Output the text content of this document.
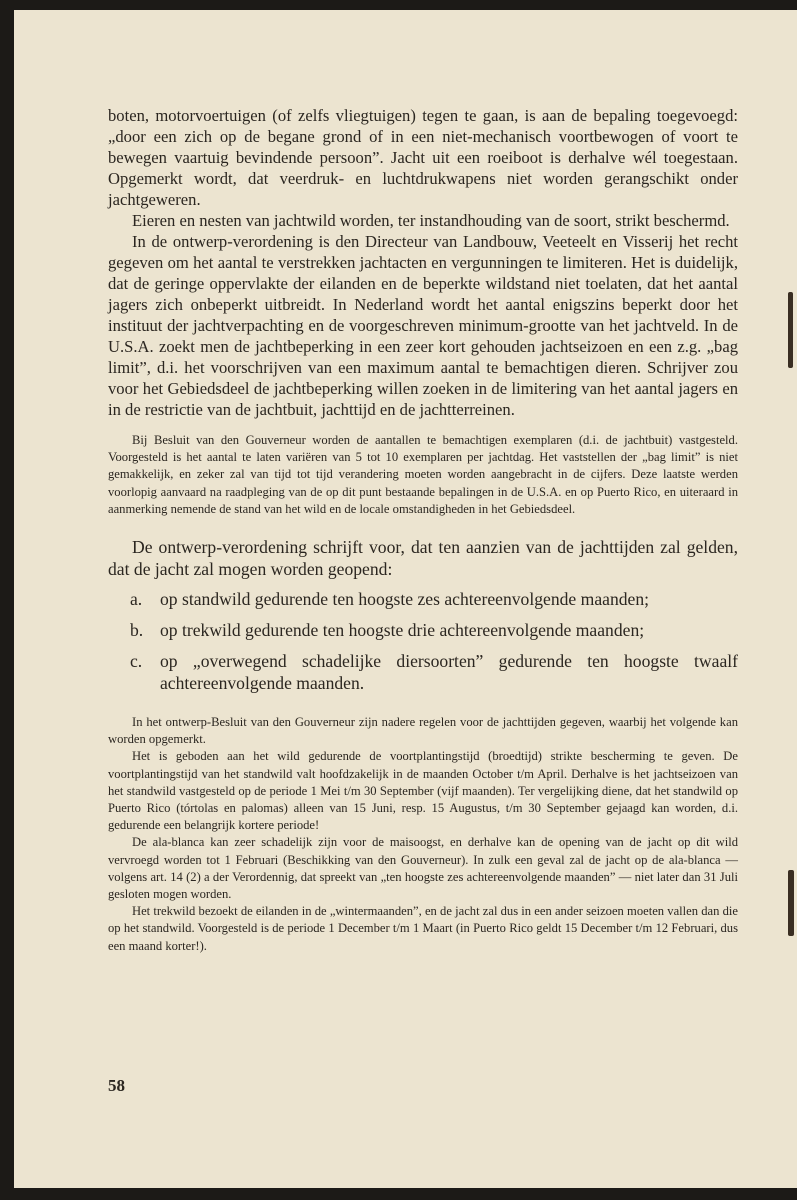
boten, motorvoertuigen (of zelfs vliegtuigen) tegen te gaan, is aan de bepaling toegevoegd: „door een zich op de begane grond of in een niet-mechanisch voortbewogen of voort te bewegen vaartuig bevindende persoon”. Jacht uit een roeiboot is derhalve wél toegestaan. Opgemerkt wordt, dat veerdruk- en luchtdrukwapens niet worden gerangschikt onder jachtgeweren.

Eieren en nesten van jachtwild worden, ter instandhouding van de soort, strikt beschermd.

In de ontwerp-verordening is den Directeur van Landbouw, Veeteelt en Visserij het recht gegeven om het aantal te verstrekken jachtacten en vergunningen te limiteren. Het is duidelijk, dat de geringe oppervlakte der eilanden en de beperkte wildstand niet toelaten, dat het aantal jagers zich onbeperkt uitbreidt. In Nederland wordt het aantal enigszins beperkt door het instituut der jachtverpachting en de voorgeschreven minimum-grootte van het jachtveld. In de U.S.A. zoekt men de jachtbeperking in een zeer kort gehouden jachtseizoen en een z.g. „bag limit”, d.i. het voorschrijven van een maximum aantal te bemachtigen dieren. Schrijver zou voor het Gebiedsdeel de jachtbeperking willen zoeken in de limitering van het aantal jagers en in de restrictie van de jachtbuit, jachttijd en de jachtterreinen.

Bij Besluit van den Gouverneur worden de aantallen te bemachtigen exemplaren (d.i. de jachtbuit) vastgesteld. Voorgesteld is het aantal te laten variëren van 5 tot 10 exemplaren per jachtdag. Het vaststellen der „bag limit” is niet gemakkelijk, en zeker zal van tijd tot tijd verandering moeten worden aangebracht in de cijfers. Deze laatste werden voorlopig aanvaard na raadpleging van de op dit punt bestaande bepalingen in de U.S.A. en op Puerto Rico, en uiteraard in aanmerking nemende de stand van het wild en de locale omstandigheden in het Gebiedsdeel.

De ontwerp-verordening schrijft voor, dat ten aanzien van de jachttijden zal gelden, dat de jacht zal mogen worden geopend:

a.	op standwild gedurende ten hoogste zes achtereenvolgende maanden;
b. op trekwild gedurende ten hoogste drie achtereenvolgende maanden;
c.	op „overwegend schadelijke diersoorten” gedurende ten hoogste twaalf achtereenvolgende maanden.

In het ontwerp-Besluit van den Gouverneur zijn nadere regelen voor de jachttijden gegeven, waarbij het volgende kan worden opgemerkt.

Het is geboden aan het wild gedurende de voortplantingstijd (broedtijd) strikte bescherming te geven. De voortplantingstijd van het standwild valt hoofdzakelijk in de maanden October t/m April. Derhalve is het jachtseizoen van het standwild vastgesteld op de periode 1 Mei t/m 30 September (vijf maanden). Ter vergelijking diene, dat het standwild op Puerto Rico (tórtolas en palomas) alleen van 15 Juni, resp. 15 Augustus, t/m 30 September gejaagd kan worden, d.i. gedurende een belangrijk kortere periode!

De ala-blanca kan zeer schadelijk zijn voor de maisoogst, en derhalve kan de opening van de jacht op dit wild vervroegd worden tot 1 Februari (Beschikking van den Gouverneur). In zulk een geval zal de jacht op de ala-blanca — volgens art. 14 (2) a der Verordennig, dat spreekt van „ten hoogste zes achtereenvolgende maanden” — niet later dan 31 Juli gesloten mogen worden.

Het trekwild bezoekt de eilanden in de „wintermaanden”, en de jacht zal dus in een ander seizoen moeten vallen dan die op het standwild. Voorgesteld is de periode 1 December t/m 1 Maart (in Puerto Rico geldt 15 December t/m 12 Februari, dus een maand korter!).

58
